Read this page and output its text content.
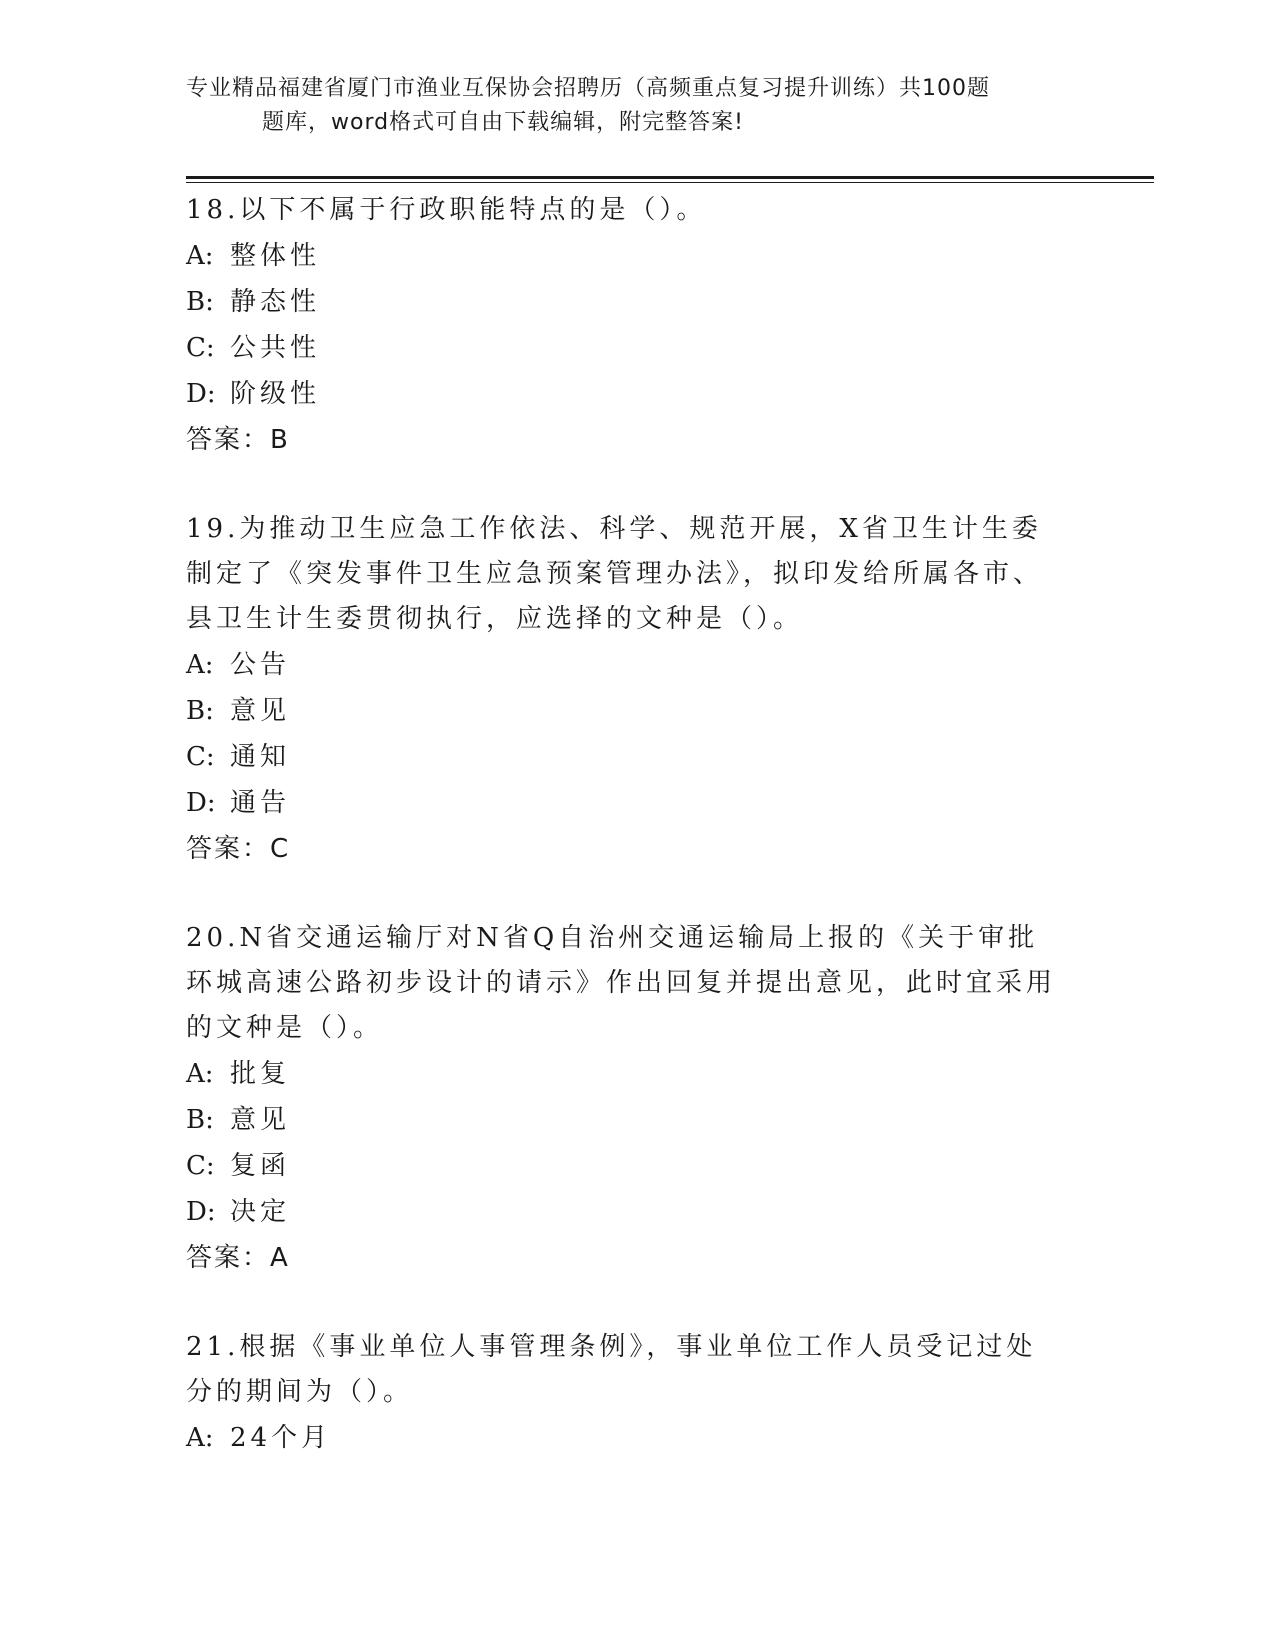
专业精品福建省厦门市渔业互保协会招聘历（高频重点复习提升训练）共100题
题库，word格式可自由下载编辑，附完整答案!

18.以下不属于行政职能特点的是（）。

A: 整体性

B: 静态性

C: 公共性

D: 阶级性

答案：B

19.为推动卫生应急工作依法、科学、规范开展，X省卫生计生委制定了《突发事件卫生应急预案管理办法》，拟印发给所属各市、县卫生计生委贯彻执行，应选择的文种是（）。

A: 公告

B: 意见

C: 通知

D: 通告

答案：C

20.N省交通运输厅对N省Q自治州交通运输局上报的《关于审批环城高速公路初步设计的请示》作出回复并提出意见，此时宜采用的文种是（）。

A: 批复

B: 意见

C: 复函

D: 决定

答案：A

21.根据《事业单位人事管理条例》，事业单位工作人员受记过处分的期间为（）。

A: 24个月
